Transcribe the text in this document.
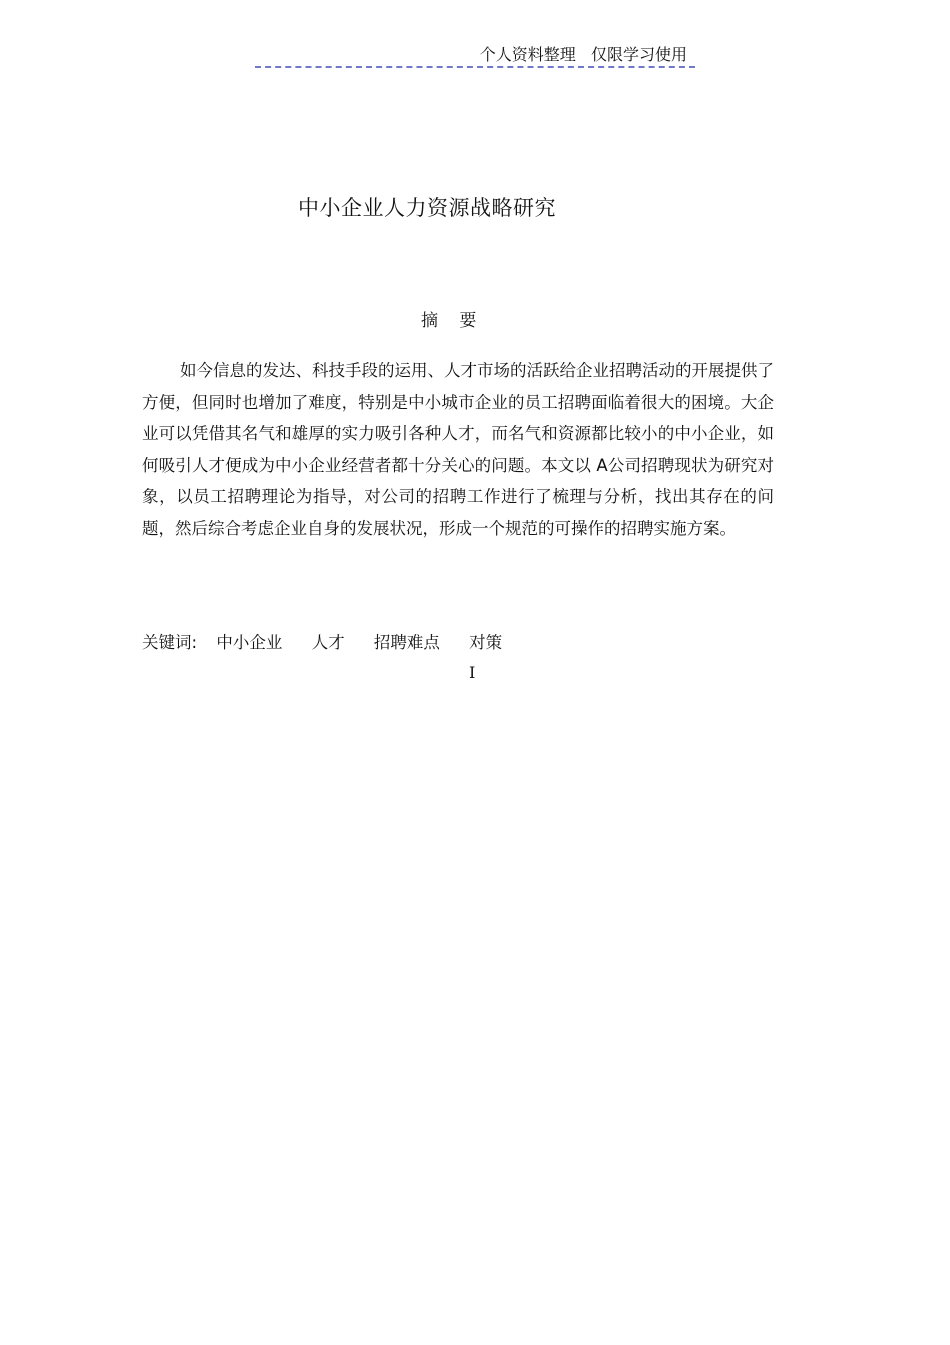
个人资料整理   仅限学习使用
中小企业人力资源战略研究
摘 要

如今信息的发达、科技手段的运用、人才市场的活跃给企业招聘活动的开展提供了方便，但同时也增加了难度，特别是中小城市企业的员工招聘面临着很大的困境。大企业可以凭借其名气和雄厚的实力吸引各种人才，而名气和资源都比较小的中小企业，如何吸引人才便成为中小企业经营者都十分关心的问题。本文以 A公司招聘现状为研究对象，以员工招聘理论为指导，对公司的招聘工作进行了梳理与分析，找出其存在的问题，然后综合考虑企业自身的发展状况，形成一个规范的可操作的招聘实施方案。

关键词: 中小企业 人才 招聘难点 对策
I
